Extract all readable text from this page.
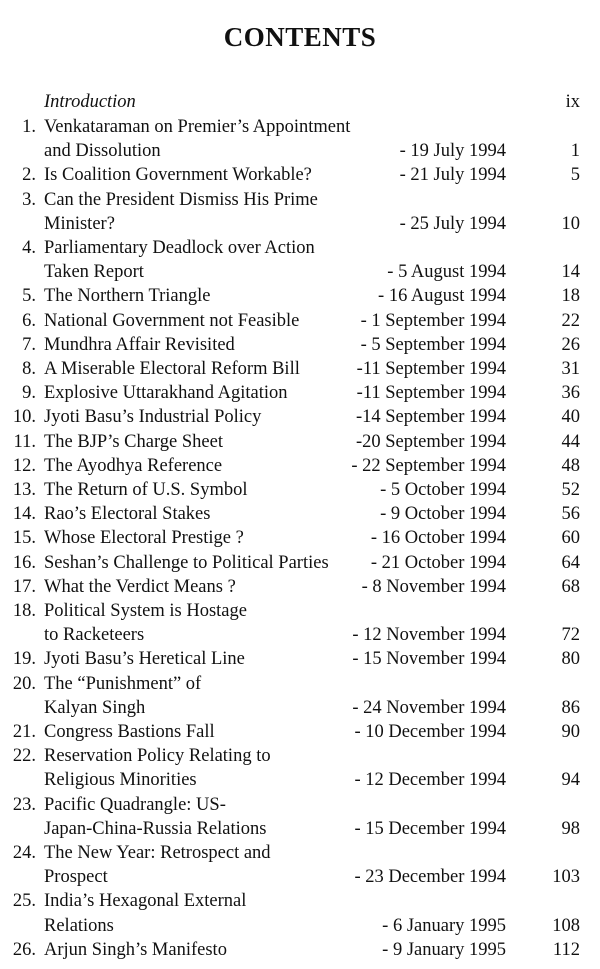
CONTENTS
Introduction	ix
1. Venkataraman on Premier’s Appointment
and Dissolution	- 19 July 1994	1
2. Is Coalition Government Workable?	- 21 July 1994	5
3. Can the President Dismiss His Prime
Minister?	- 25 July 1994	10
4. Parliamentary Deadlock over Action
Taken Report	- 5 August 1994	14
5. The Northern Triangle	- 16 August 1994	18
6. National Government not Feasible	- 1 September 1994	22
7. Mundhra Affair Revisited	- 5 September 1994	26
8. A Miserable Electoral Reform Bill	-11 September 1994	31
9. Explosive Uttarakhand Agitation	-11 September 1994	36
10. Jyoti Basu’s Industrial Policy	-14 September 1994	40
11. The BJP’s Charge Sheet	-20 September 1994	44
12. The Ayodhya Reference	- 22 September 1994	48
13. The Return of U.S. Symbol	- 5 October 1994	52
14. Rao’s Electoral Stakes	- 9 October 1994	56
15. Whose Electoral Prestige ?	- 16 October 1994	60
16. Seshan’s Challenge to Political Parties - 21 October 1994	64
17. What the Verdict Means ?	- 8 November 1994	68
18. Political System is Hostage
to Racketeers	- 12 November 1994	72
19. Jyoti Basu’s Heretical Line	- 15 November 1994	80
20. The “Punishment” of
Kalyan Singh	- 24 November 1994	86
21. Congress Bastions Fall	- 10 December 1994	90
22. Reservation Policy Relating to
Religious Minorities	- 12 December 1994	94
23. Pacific Quadrangle: US-
Japan-China-Russia Relations	- 15 December 1994	98
24. The New Year: Retrospect and
Prospect	- 23 December 1994	103
25. India’s Hexagonal External
Relations	- 6 January 1995	108
26. Arjun Singh’s Manifesto	- 9 January 1995	112
